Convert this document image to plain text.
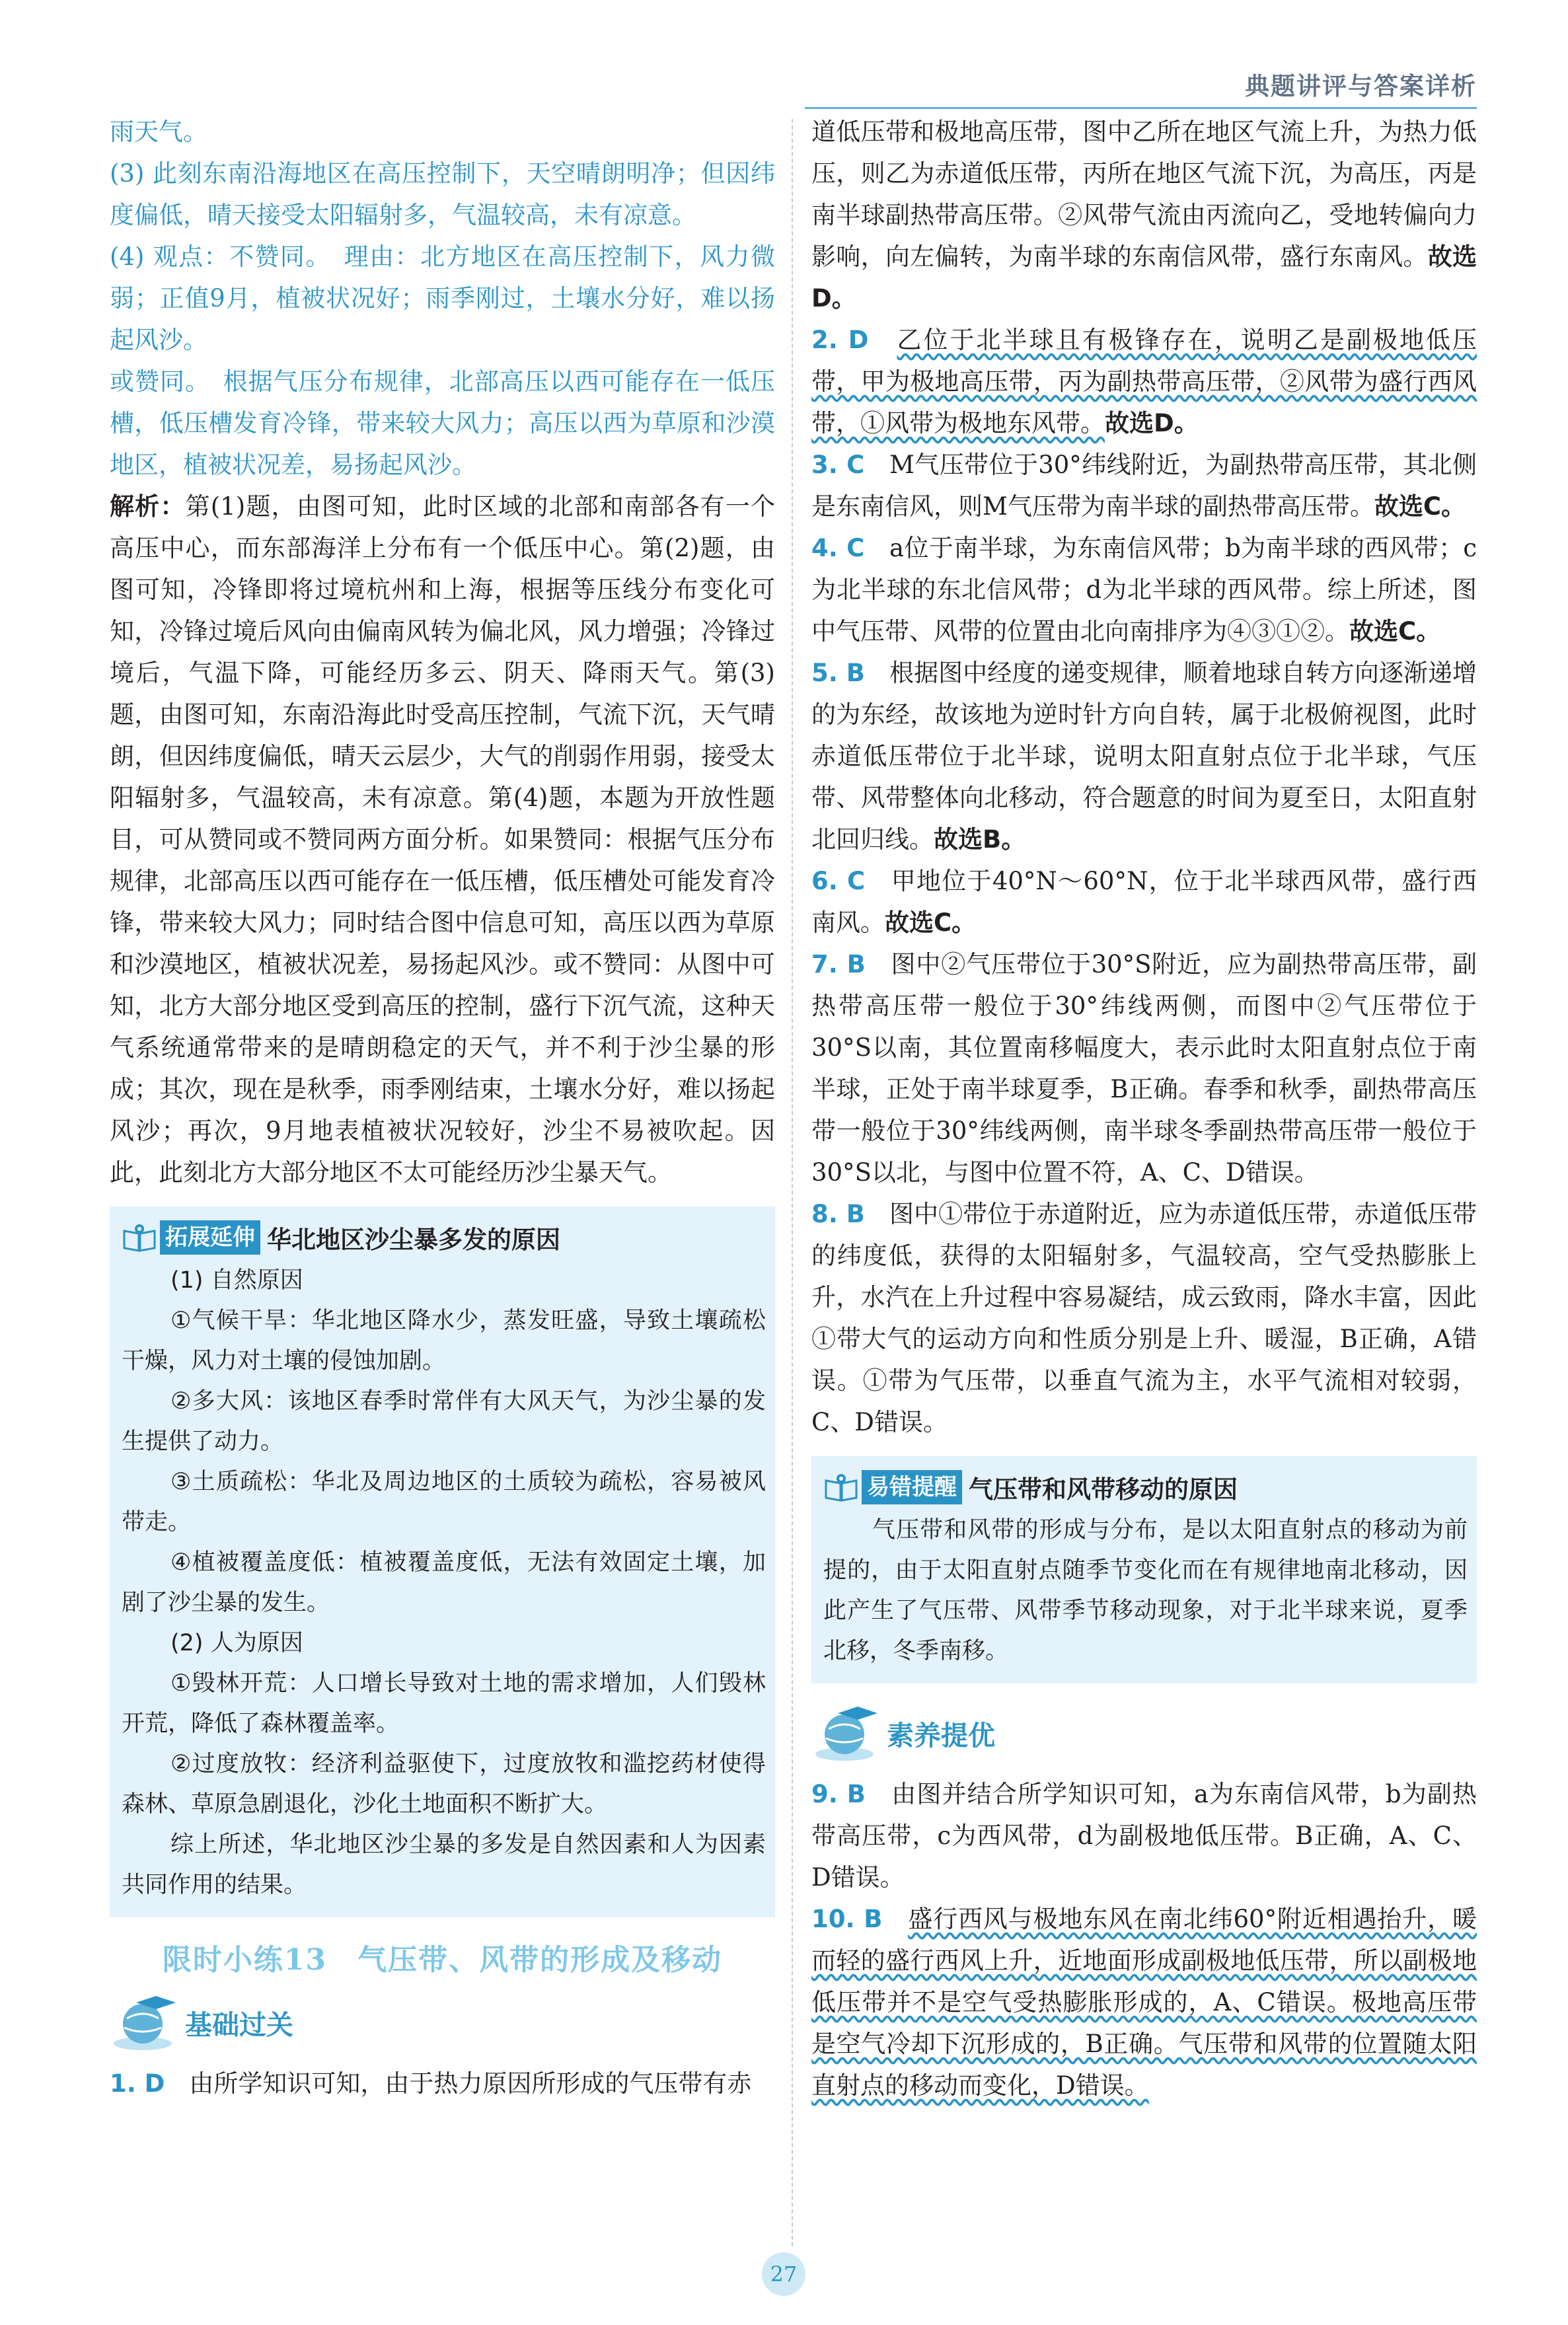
典题讲评与答案详析

雨天气。

(3) 此刻东南沿海地区在高压控制下，天空晴朗明净；但因纬度偏低，晴天接受太阳辐射多，气温较高，未有凉意。

(4) 观点：不赞同。　理由：北方地区在高压控制下，风力微弱；正值9月，植被状况好；雨季刚过，土壤水分好，难以扬起风沙。

或赞同。　根据气压分布规律，北部高压以西可能存在一低压槽，低压槽发育冷锋，带来较大风力；高压以西为草原和沙漠地区，植被状况差，易扬起风沙。

解析：第(1)题，由图可知，此时区域的北部和南部各有一个高压中心，而东部海洋上分布有一个低压中心。第(2)题，由图可知，冷锋即将过境杭州和上海，根据等压线分布变化可知，冷锋过境后风向由偏南风转为偏北风，风力增强；冷锋过境后，气温下降，可能经历多云、阴天、降雨天气。第(3)题，由图可知，东南沿海此时受高压控制，气流下沉，天气晴朗，但因纬度偏低，晴天云层少，大气的削弱作用弱，接受太阳辐射多，气温较高，未有凉意。第(4)题，本题为开放性题目，可从赞同或不赞同两方面分析。如果赞同：根据气压分布规律，北部高压以西可能存在一低压槽，低压槽处可能发育冷锋，带来较大风力；同时结合图中信息可知，高压以西为草原和沙漠地区，植被状况差，易扬起风沙。或不赞同：从图中可知，北方大部分地区受到高压的控制，盛行下沉气流，这种天气系统通常带来的是晴朗稳定的天气，并不利于沙尘暴的形成；其次，现在是秋季，雨季刚结束，土壤水分好，难以扬起风沙；再次，9月地表植被状况较好，沙尘不易被吹起。因此，此刻北方大部分地区不太可能经历沙尘暴天气。

拓展延伸 华北地区沙尘暴多发的原因

(1) 自然原因

①气候干旱：华北地区降水少，蒸发旺盛，导致土壤疏松干燥，风力对土壤的侵蚀加剧。

②多大风：该地区春季时常伴有大风天气，为沙尘暴的发生提供了动力。

③土质疏松：华北及周边地区的土质较为疏松，容易被风带走。

④植被覆盖度低：植被覆盖度低，无法有效固定土壤，加剧了沙尘暴的发生。

(2) 人为原因

①毁林开荒：人口增长导致对土地的需求增加，人们毁林开荒，降低了森林覆盖率。

②过度放牧：经济利益驱使下，过度放牧和滥挖药材使得森林、草原急剧退化，沙化土地面积不断扩大。

综上所述，华北地区沙尘暴的多发是自然因素和人为因素共同作用的结果。

限时小练13　气压带、风带的形成及移动
基础过关

1. D　 由所学知识可知，由于热力原因所形成的气压带有赤

道低压带和极地高压带，图中乙所在地区气流上升，为热力低压，则乙为赤道低压带，丙所在地区气流下沉，为高压，丙是南半球副热带高压带。②风带气流由丙流向乙，受地转偏向力影响，向左偏转，为南半球的东南信风带，盛行东南风。故选D。

2. D　 乙位于北半球且有极锋存在，说明乙是副极地低压带，甲为极地高压带，丙为副热带高压带，②风带为盛行西风带，①风带为极地东风带。故选D。

3. C　 M气压带位于30°纬线附近，为副热带高压带，其北侧是东南信风，则M气压带为南半球的副热带高压带。故选C。

4. C　 a位于南半球，为东南信风带；b为南半球的西风带；c为北半球的东北信风带；d为北半球的西风带。综上所述，图中气压带、风带的位置由北向南排序为④③①②。故选C。

5. B　 根据图中经度的递变规律，顺着地球自转方向逐渐递增的为东经，故该地为逆时针方向自转，属于北极俯视图，此时赤道低压带位于北半球，说明太阳直射点位于北半球，气压带、风带整体向北移动，符合题意的时间为夏至日，太阳直射北回归线。故选B。

6. C　 甲地位于40°N～60°N，位于北半球西风带，盛行西南风。故选C。

7. B　 图中②气压带位于30°S附近，应为副热带高压带，副热带高压带一般位于30°纬线两侧，而图中②气压带位于30°S以南，其位置南移幅度大，表示此时太阳直射点位于南半球，正处于南半球夏季，B正确。春季和秋季，副热带高压带一般位于30°纬线两侧，南半球冬季副热带高压带一般位于30°S以北，与图中位置不符，A、C、D错误。

8. B　 图中①带位于赤道附近，应为赤道低压带，赤道低压带的纬度低，获得的太阳辐射多，气温较高，空气受热膨胀上升，水汽在上升过程中容易凝结，成云致雨，降水丰富，因此①带大气的运动方向和性质分别是上升、暖湿，B正确，A错误。①带为气压带，以垂直气流为主，水平气流相对较弱，C、D错误。

易错提醒 气压带和风带移动的原因

气压带和风带的形成与分布，是以太阳直射点的移动为前提的，由于太阳直射点随季节变化而在有规律地南北移动，因此产生了气压带、风带季节移动现象，对于北半球来说，夏季北移，冬季南移。

素养提优

9. B　 由图并结合所学知识可知，a为东南信风带，b为副热带高压带，c为西风带，d为副极地低压带。B正确，A、C、D错误。

10. B　 盛行西风与极地东风在南北纬60°附近相遇抬升，暖而轻的盛行西风上升，近地面形成副极地低压带，所以副极地低压带并不是空气受热膨胀形成的，A、C错误。极地高压带是空气冷却下沉形成的，B正确。气压带和风带的位置随太阳直射点的移动而变化，D错误。

27
